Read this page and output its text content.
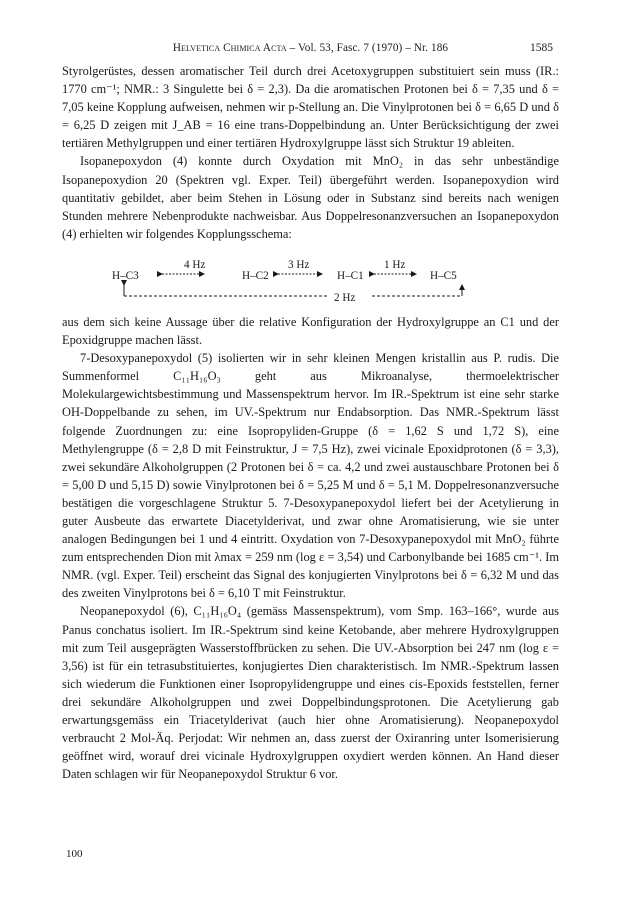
Helvetica Chimica Acta – Vol. 53, Fasc. 7 (1970) – Nr. 186	1585

Styrolgerüstes, dessen aromatischer Teil durch drei Acetoxygruppen substituiert sein muss (IR.: 1770 cm⁻¹; NMR.: 3 Singulette bei δ = 2,3). Da die aromatischen Protonen bei δ = 7,35 und δ = 7,05 keine Kopplung aufweisen, nehmen wir p-Stellung an. Die Vinylprotonen bei δ = 6,65 D und δ = 6,25 D zeigen mit J_AB = 16 eine trans-Doppelbindung an. Unter Berücksichtigung der zwei tertiären Methylgruppen und einer tertiären Hydroxylgruppe lässt sich Struktur 19 ableiten.

Isopanepoxydon (4) konnte durch Oxydation mit MnO₂ in das sehr unbeständige Isopanepoxydion 20 (Spektren vgl. Exper. Teil) übergeführt werden. Isopanepoxydion wird quantitativ gebildet, aber beim Stehen in Lösung oder in Substanz sind bereits nach wenigen Stunden mehrere Nebenprodukte nachweisbar. Aus Doppelresonanzversuchen an Isopanepoxydon (4) erhielten wir folgendes Kopplungsschema:

4 Hz	3 Hz	1 Hz
H–C3	H–C2	H–C1	H–C5
2 Hz

aus dem sich keine Aussage über die relative Konfiguration der Hydroxylgruppe an C1 und der Epoxidgruppe machen lässt.

7-Desoxypanepoxydol (5) isolierten wir in sehr kleinen Mengen kristallin aus P. rudis. Die Summenformel C₁₁H₁₆O₃ geht aus Mikroanalyse, thermoelektrischer Molekulargewichtsbestimmung und Massenspektrum hervor. Im IR.-Spektrum ist eine sehr starke OH-Doppelbande zu sehen, im UV.-Spektrum nur Endabsorption. Das NMR.-Spektrum lässt folgende Zuordnungen zu: eine Isopropyliden-Gruppe (δ = 1,62 S und 1,72 S), eine Methylengruppe (δ = 2,8 D mit Feinstruktur, J = 7,5 Hz), zwei vicinale Epoxidprotonen (δ = 3,3), zwei sekundäre Alkoholgruppen (2 Protonen bei δ = ca. 4,2 und zwei austauschbare Protonen bei δ = 5,00 D und 5,15 D) sowie Vinylprotonen bei δ = 5,25 M und δ = 5,1 M. Doppelresonanzversuche bestätigen die vorgeschlagene Struktur 5. 7-Desoxypanepoxydol liefert bei der Acetylierung in guter Ausbeute das erwartete Diacetylderivat, und zwar ohne Aromatisierung, wie sie unter analogen Bedingungen bei 1 und 4 eintritt. Oxydation von 7-Desoxypanepoxydol mit MnO₂ führte zum entsprechenden Dion mit λmax = 259 nm (log ε = 3,54) und Carbonylbande bei 1685 cm⁻¹. Im NMR. (vgl. Exper. Teil) erscheint das Signal des konjugierten Vinylprotons bei δ = 6,32 M und das des zweiten Vinylprotons bei δ = 6,10 T mit Feinstruktur.

Neopanepoxydol (6), C₁₁H₁₆O₄ (gemäss Massenspektrum), vom Smp. 163–166°, wurde aus Panus conchatus isoliert. Im IR.-Spektrum sind keine Ketobande, aber mehrere Hydroxylgruppen mit zum Teil ausgeprägten Wasserstoffbrücken zu sehen. Die UV.-Absorption bei 247 nm (log ε = 3,56) ist für ein tetrasubstituiertes, konjugiertes Dien charakteristisch. Im NMR.-Spektrum lassen sich wiederum die Funktionen einer Isopropylidengruppe und eines cis-Epoxids feststellen, ferner drei sekundäre Alkoholgruppen und zwei Doppelbindungsprotonen. Die Acetylierung gab erwartungsgemäss ein Triacetylderivat (auch hier ohne Aromatisierung). Neopanepoxydol verbraucht 2 Mol-Äq. Perjodat: Wir nehmen an, dass zuerst der Oxiranring unter Isomerisierung geöffnet wird, worauf drei vicinale Hydroxylgruppen oxydiert werden können. An Hand dieser Daten schlagen wir für Neopanepoxydol Struktur 6 vor.

100
